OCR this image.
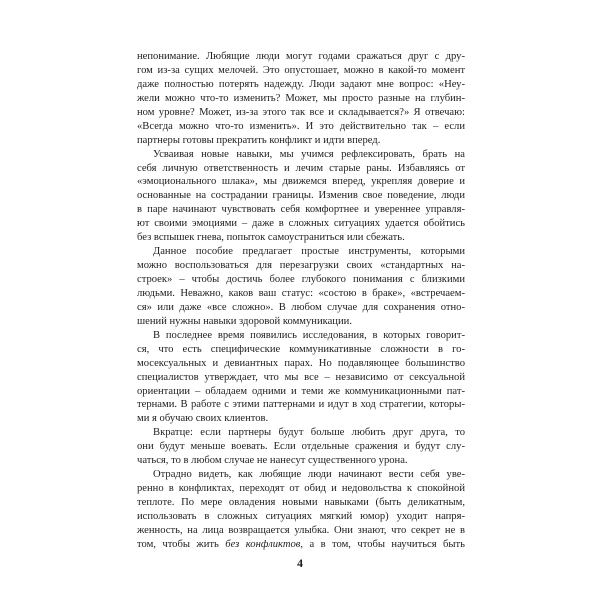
непонимание. Любящие люди могут годами сражаться друг с дру-
гом из-за сущих мелочей. Это опустошает, можно в какой-то момент
даже полностью потерять надежду. Люди задают мне вопрос: «Неу-
жели можно что-то изменить? Может, мы просто разные на глубин-
ном уровне? Может, из-за этого так все и складывается?» Я отвечаю:
«Всегда можно что-то изменить». И это действительно так – если
партнеры готовы прекратить конфликт и идти вперед.
Усваивая новые навыки, мы учимся рефлексировать, брать на
себя личную ответственность и лечим старые раны. Избавляясь от
«эмоционального шлака», мы движемся вперед, укрепляя доверие и
основанные на сострадании границы. Изменив свое поведение, люди
в паре начинают чувствовать себя комфортнее и увереннее управля-
ют своими эмоциями – даже в сложных ситуациях удается обойтись
без вспышек гнева, попыток самоустраниться или сбежать.
Данное пособие предлагает простые инструменты, которыми
можно воспользоваться для перезагрузки своих «стандартных на-
строек» – чтобы достичь более глубокого понимания с близкими
людьми. Неважно, каков ваш статус: «состою в браке», «встречаем-
ся» или даже «все сложно». В любом случае для сохранения отно-
шений нужны навыки здоровой коммуникации.
В последнее время появились исследования, в которых говорит-
ся, что есть специфические коммуникативные сложности в го-
мосексуальных и девиантных парах. Но подавляющее большинство
специалистов утверждает, что мы все – независимо от сексуальной
ориентации – обладаем одними и теми же коммуникационными пат-
тернами. В работе с этими паттернами и идут в ход стратегии, которы-
ми я обучаю своих клиентов.
Вкратце: если партнеры будут больше любить друг друга, то
они будут меньше воевать. Если отдельные сражения и будут слу-
чаться, то в любом случае не нанесут существенного урона.
Отрадно видеть, как любящие люди начинают вести себя уве-
ренно в конфликтах, переходят от обид и недовольства к спокойной
теплоте. По мере овладения новыми навыками (быть деликатным,
использовать в сложных ситуациях мягкий юмор) уходит напря-
женность, на лица возвращается улыбка. Они знают, что секрет не в
том, чтобы жить без конфликтов, а в том, чтобы научиться быть
4
